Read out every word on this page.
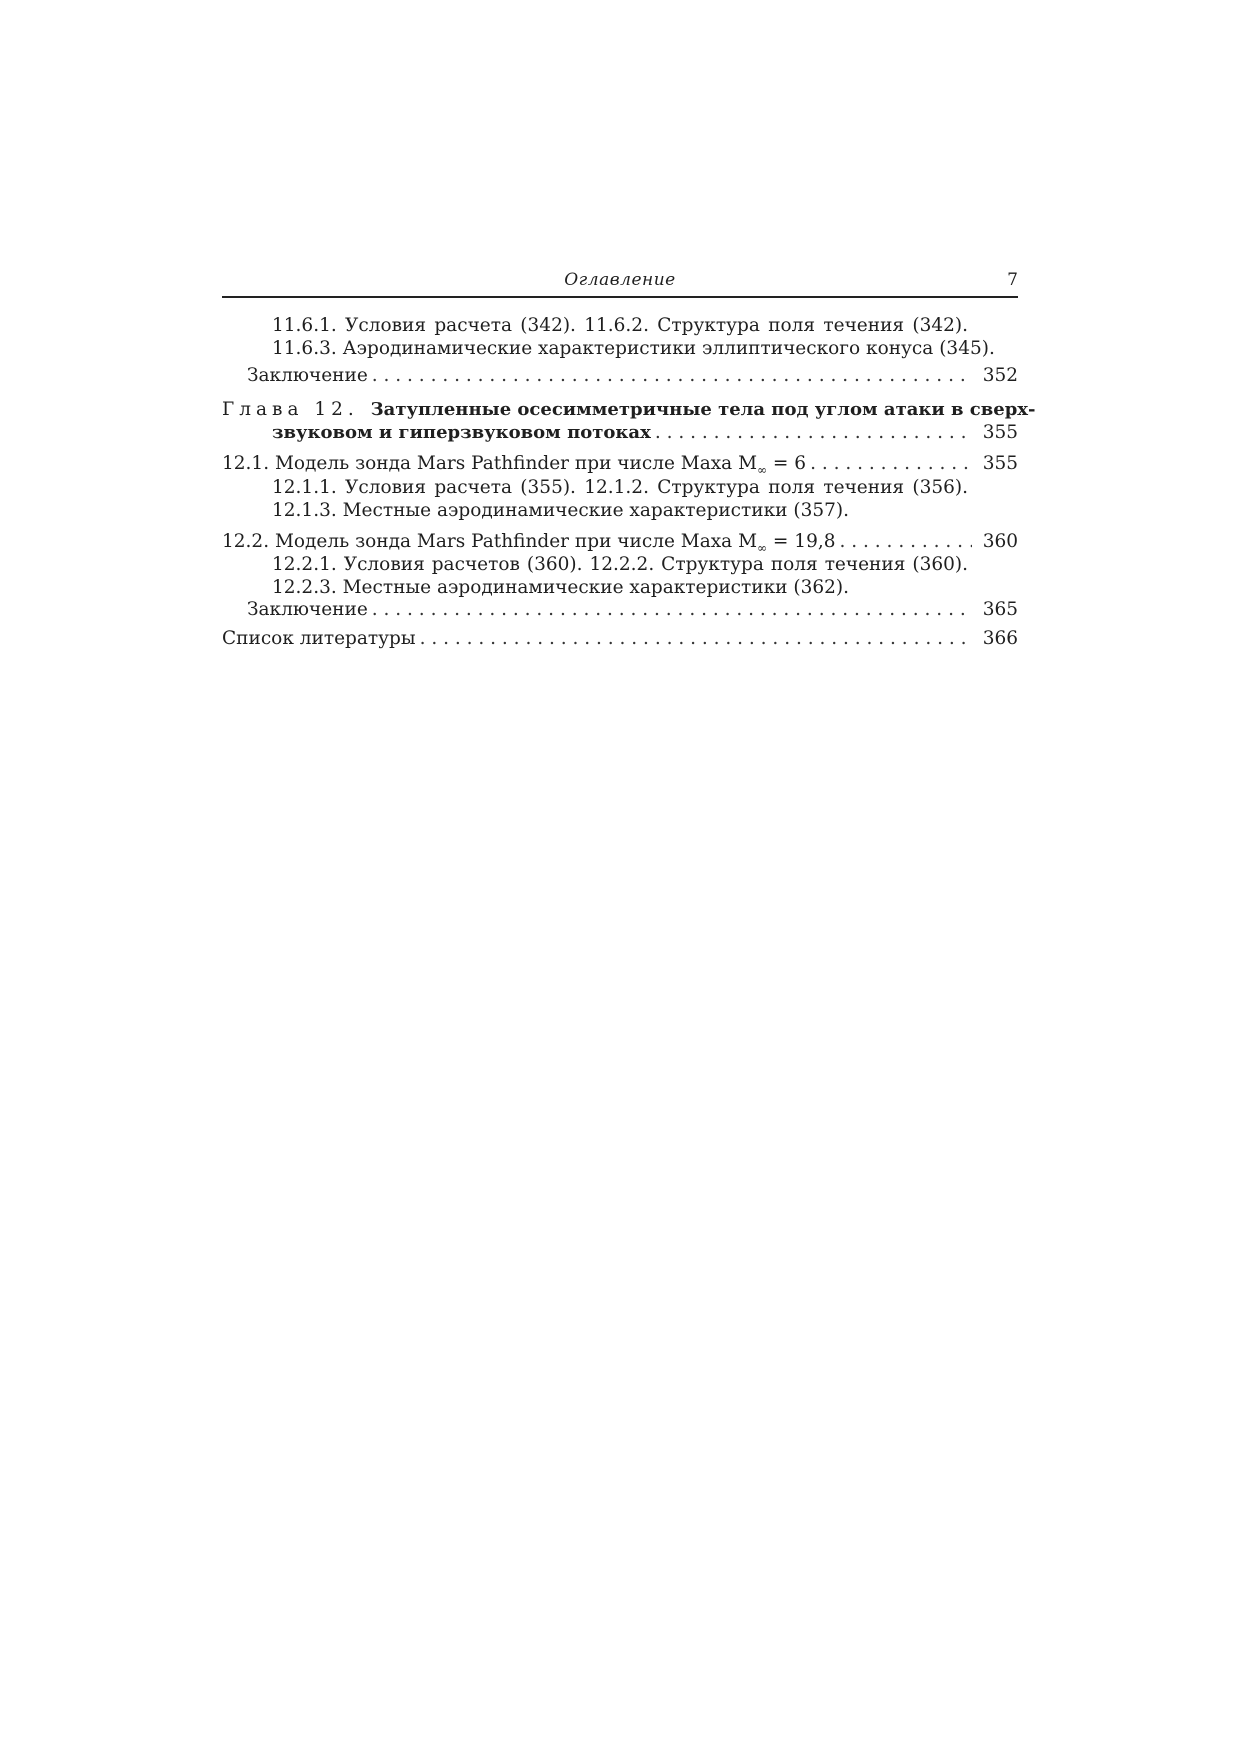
Оглавление	7
11.6.1. Условия расчета (342). 11.6.2. Структура поля течения (342).
11.6.3. Аэродинамические характеристики эллиптического конуса (345).
Заключение . . .	352
Глава 12. Затупленные осесимметричные тела под углом атаки в сверх-
звуковом и гиперзвуковом потоках . . .	355
12.1. Модель зонда Mars Pathfinder при числе Маха $M_\infty = 6$ . . .	355
12.1.1. Условия расчета (355). 12.1.2. Структура поля течения (356).
12.1.3. Местные аэродинамические характеристики (357).
12.2. Модель зонда Mars Pathfinder при числе Маха $M_\infty = 19,8$ . . .	360
12.2.1. Условия расчетов (360). 12.2.2. Структура поля течения (360).
12.2.3. Местные аэродинамические характеристики (362).
Заключение . . .	365
Список литературы . . .	366
